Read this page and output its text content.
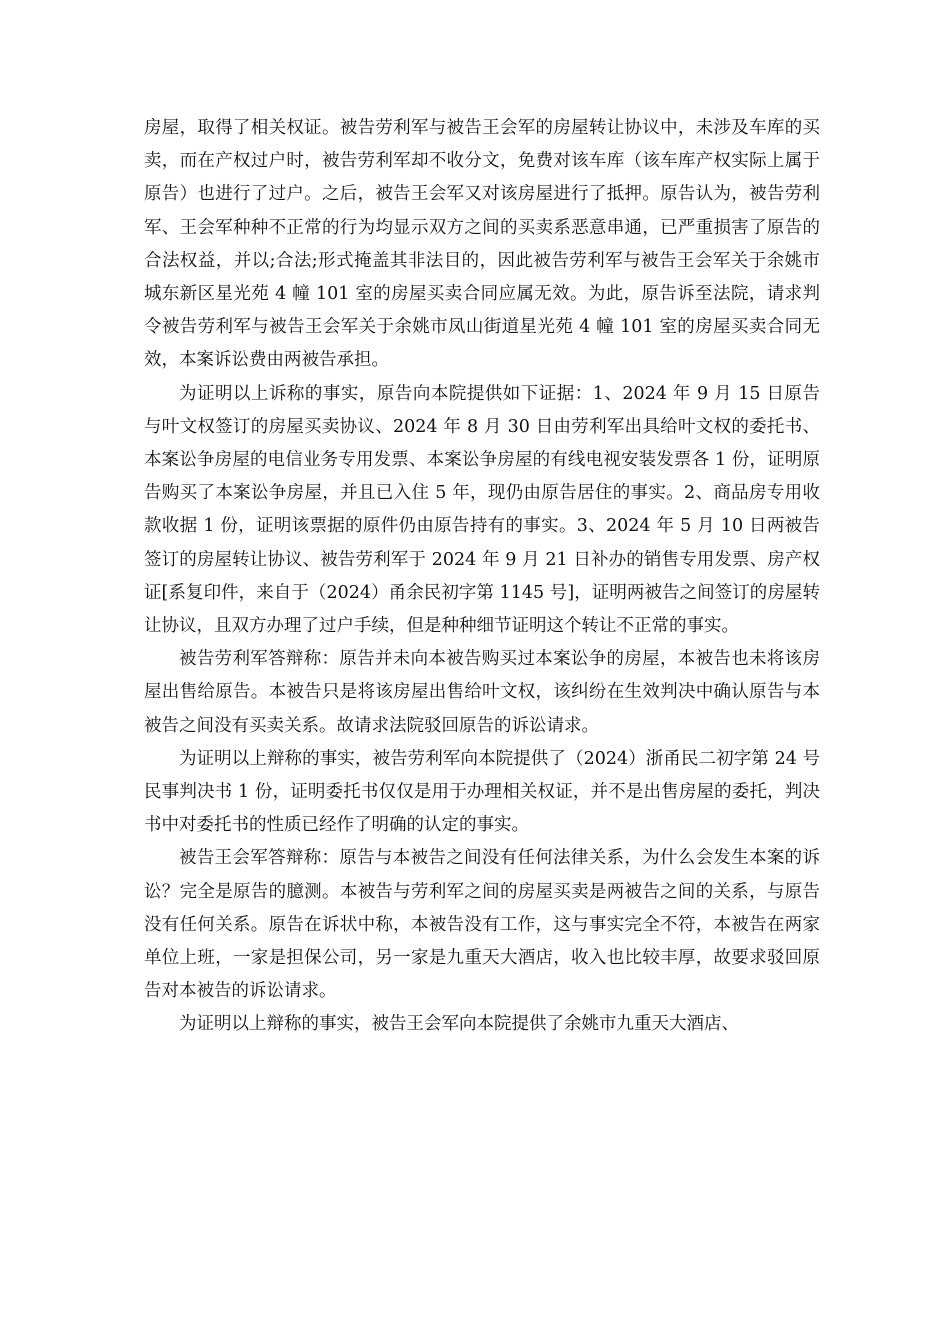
房屋，取得了相关权证。被告劳利军与被告王会军的房屋转让协议中，未涉及车库的买卖，而在产权过户时，被告劳利军却不收分文，免费对该车库（该车库产权实际上属于原告）也进行了过户。之后，被告王会军又对该房屋进行了抵押。原告认为，被告劳利军、王会军种种不正常的行为均显示双方之间的买卖系恶意串通，已严重损害了原告的合法权益，并以;合法;形式掩盖其非法目的，因此被告劳利军与被告王会军关于余姚市城东新区星光苑 4 幢 101 室的房屋买卖合同应属无效。为此，原告诉至法院，请求判令被告劳利军与被告王会军关于余姚市凤山街道星光苑 4 幢 101 室的房屋买卖合同无效，本案诉讼费由两被告承担。

为证明以上诉称的事实，原告向本院提供如下证据：1、2024 年 9 月 15 日原告与叶文权签订的房屋买卖协议、2024 年 8 月 30 日由劳利军出具给叶文权的委托书、本案讼争房屋的电信业务专用发票、本案讼争房屋的有线电视安装发票各 1 份，证明原告购买了本案讼争房屋，并且已入住 5 年，现仍由原告居住的事实。2、商品房专用收款收据 1 份，证明该票据的原件仍由原告持有的事实。3、2024 年 5 月 10 日两被告签订的房屋转让协议、被告劳利军于 2024 年 9 月 21 日补办的销售专用发票、房产权证[系复印件，来自于（2024）甬余民初字第 1145 号]，证明两被告之间签订的房屋转让协议，且双方办理了过户手续，但是种种细节证明这个转让不正常的事实。

被告劳利军答辩称：原告并未向本被告购买过本案讼争的房屋，本被告也未将该房屋出售给原告。本被告只是将该房屋出售给叶文权，该纠纷在生效判决中确认原告与本被告之间没有买卖关系。故请求法院驳回原告的诉讼请求。

为证明以上辩称的事实，被告劳利军向本院提供了（2024）浙甬民二初字第 24 号民事判决书 1 份，证明委托书仅仅是用于办理相关权证，并不是出售房屋的委托，判决书中对委托书的性质已经作了明确的认定的事实。

被告王会军答辩称：原告与本被告之间没有任何法律关系，为什么会发生本案的诉讼？完全是原告的臆测。本被告与劳利军之间的房屋买卖是两被告之间的关系，与原告没有任何关系。原告在诉状中称，本被告没有工作，这与事实完全不符，本被告在两家单位上班，一家是担保公司，另一家是九重天大酒店，收入也比较丰厚，故要求驳回原告对本被告的诉讼请求。

为证明以上辩称的事实，被告王会军向本院提供了余姚市九重天大酒店、
